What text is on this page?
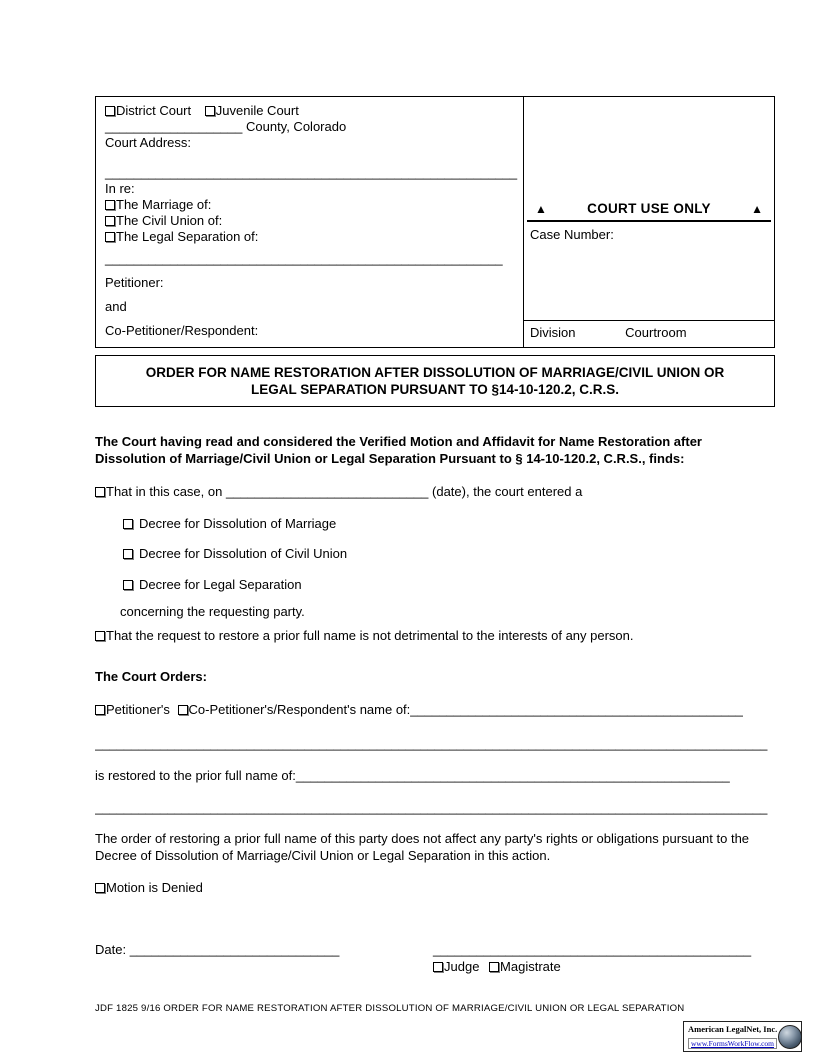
District Court Juvenile Court
___________________ County, Colorado
Court Address:
_________________________________________________________
In re:
The Marriage of:
The Civil Union of:
The Legal Separation of:
_______________________________________________________
Petitioner:
and
Co-Petitioner/Respondent:
▲	COURT USE ONLY	▲
Case Number:
Division	Courtroom
ORDER FOR NAME RESTORATION AFTER DISSOLUTION OF MARRIAGE/CIVIL UNION OR LEGAL SEPARATION PURSUANT TO §14-10-120.2, C.R.S.
The Court having read and considered the Verified Motion and Affidavit for Name Restoration after Dissolution of Marriage/Civil Union or Legal Separation Pursuant to § 14-10-120.2, C.R.S., finds:
That in this case, on ____________________________ (date), the court entered a
Decree for Dissolution of Marriage
Decree for Dissolution of Civil Union
Decree for Legal Separation
concerning the requesting party.
That the request to restore a prior full name is not detrimental to the interests of any person.
The Court Orders:
Petitioner's Co-Petitioner's/Respondent's name of:______________________________________________
_____________________________________________________________________________________________
is restored to the prior full name of:____________________________________________________________
_____________________________________________________________________________________________
The order of restoring a prior full name of this party does not affect any party's rights or obligations pursuant to the Decree of Dissolution of Marriage/Civil Union or Legal Separation in this action.
Motion is Denied
Date: _____________________________	____________________________________________
Judge Magistrate
JDF 1825 9/16 ORDER FOR NAME RESTORATION AFTER DISSOLUTION OF MARRIAGE/CIVIL UNION OR LEGAL SEPARATION
American LegalNet, Inc.
www.FormsWorkFlow.com
